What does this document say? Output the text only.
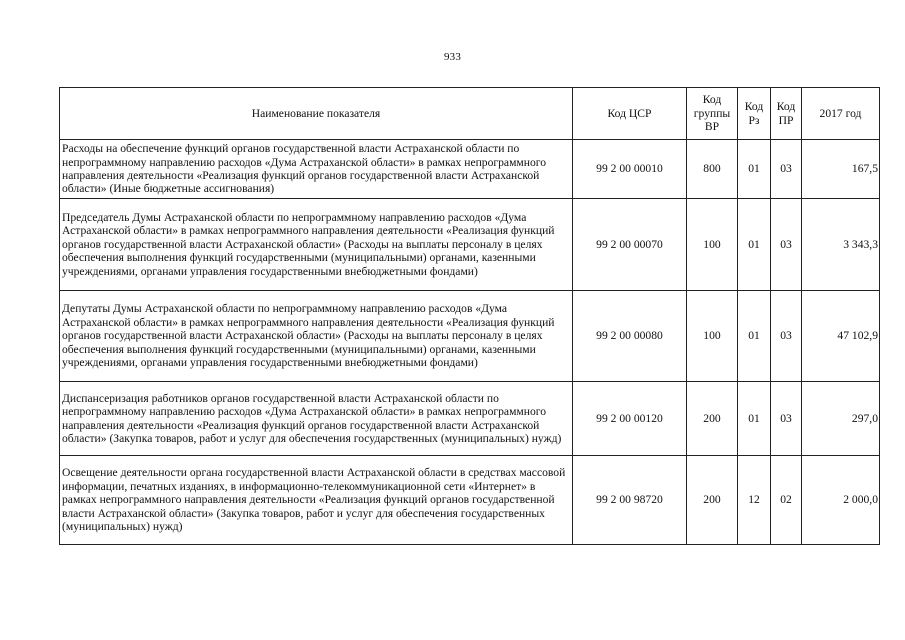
933
Наименование показателя	Код ЦСР	Код группы ВР	Код Рз	Код ПР	2017 год
Расходы на обеспечение функций органов государственной власти Астраханской области по непрограммному направлению расходов «Дума Астраханской области» в рамках непрограммного направления деятельности «Реализация функций органов государственной власти Астраханской области» (Иные бюджетные ассигнования)	99 2 00 00010	800	01	03	167,5
Председатель Думы Астраханской области по непрограммному направлению расходов «Дума Астраханской области» в рамках непрограммного направления деятельности «Реализация функций органов государственной власти Астраханской области» (Расходы на выплаты персоналу в целях обеспечения выполнения функций государственными (муниципальными) органами, казенными учреждениями, органами управления государственными внебюджетными фондами)	99 2 00 00070	100	01	03	3 343,3
Депутаты Думы Астраханской области по непрограммному направлению расходов «Дума Астраханской области» в рамках непрограммного направления деятельности «Реализация функций органов государственной власти Астраханской области» (Расходы на выплаты персоналу в целях обеспечения выполнения функций государственными (муниципальными) органами, казенными учреждениями, органами управления государственными внебюджетными фондами)	99 2 00 00080	100	01	03	47 102,9
Диспансеризация работников органов государственной власти Астраханской области по непрограммному направлению расходов «Дума Астраханской области» в рамках непрограммного направления деятельности «Реализация функций органов государственной власти Астраханской области» (Закупка товаров, работ и услуг для обеспечения государственных (муниципальных) нужд)	99 2 00 00120	200	01	03	297,0
Освещение деятельности органа государственной власти Астраханской области в средствах массовой информации, печатных изданиях, в информационно-телекоммуникационной сети «Интернет» в рамках непрограммного направления деятельности «Реализация функций органов государственной власти Астраханской области» (Закупка товаров, работ и услуг для обеспечения государственных (муниципальных) нужд)	99 2 00 98720	200	12	02	2 000,0
